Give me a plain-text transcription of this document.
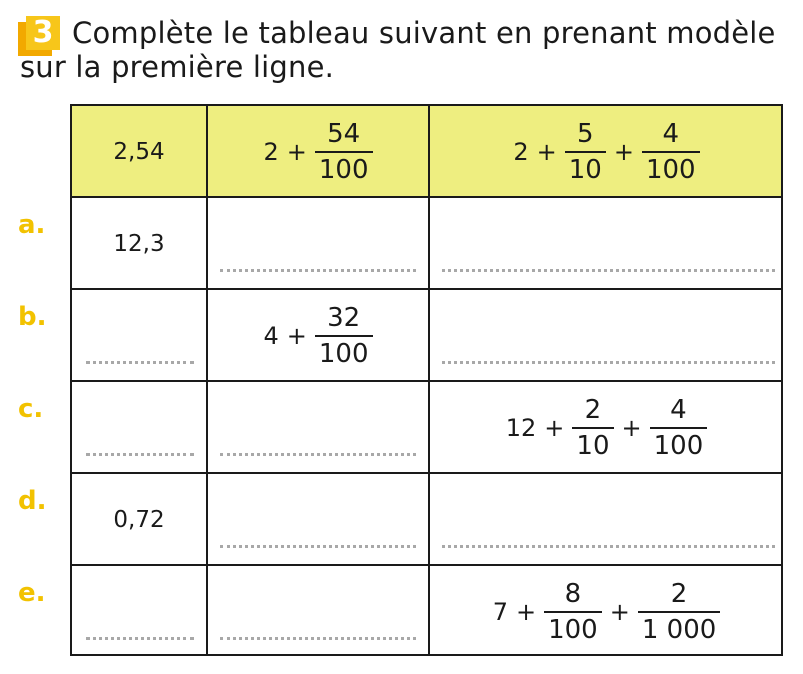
3 Complète le tableau suivant en prenant modèle
sur la première ligne.
a.
b.
c.
d.
e.
2,54	$2 + \frac{54}{100}$	$2 + \frac{5}{10} + \frac{4}{100}$
12,3
$4 + \frac{32}{100}$
$12 + \frac{2}{10} + \frac{4}{100}$
0,72
$7 + \frac{8}{100} + \frac{2}{1 000}$
